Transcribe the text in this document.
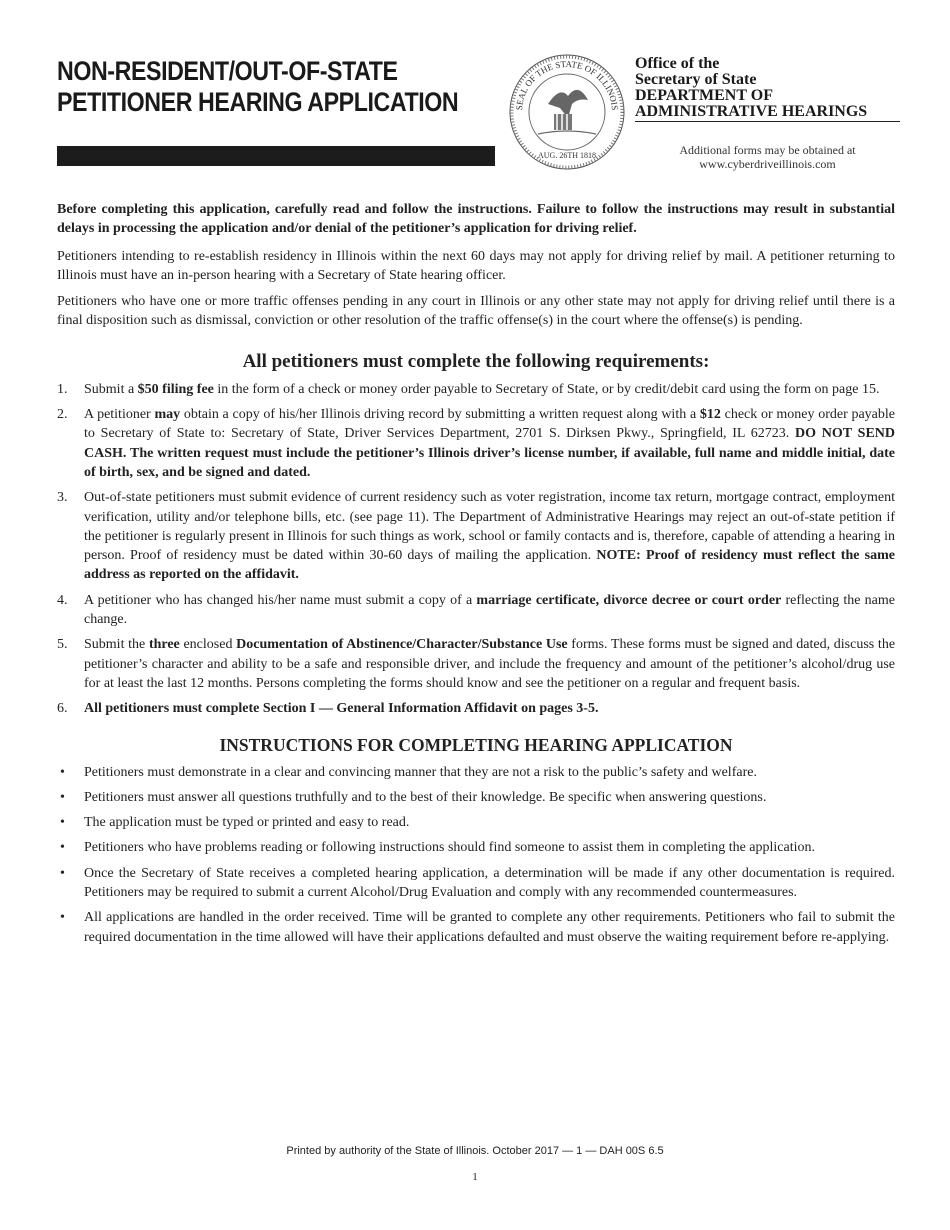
NON-RESIDENT/OUT-OF-STATE
PETITIONER HEARING APPLICATION	SEAL OF THE STATE OF ILLINOIS
AUG. 26TH 1818
Office of the
Secretary of State
DEPARTMENT OF
ADMINISTRATIVE HEARINGS
Additional forms may be obtained at
www.cyberdriveillinois.com

Before completing this application, carefully read and follow the instructions. Failure to follow the instructions may result in substantial delays in processing the application and/or denial of the petitioner’s application for driving relief.

Petitioners intending to re-establish residency in Illinois within the next 60 days may not apply for driving relief by mail. A petitioner returning to Illinois must have an in-person hearing with a Secretary of State hearing officer.

Petitioners who have one or more traffic offenses pending in any court in Illinois or any other state may not apply for driving relief until there is a final disposition such as dismissal, conviction or other resolution of the traffic offense(s) in the court where the offense(s) is pending.

All petitioners must complete the following requirements:
1. Submit a $50 filing fee in the form of a check or money order payable to Secretary of State, or by credit/debit card using the form on page 15.
2. A petitioner may obtain a copy of his/her Illinois driving record by submitting a written request along with a $12 check or money order payable to Secretary of State to: Secretary of State, Driver Services Department, 2701 S. Dirksen Pkwy., Springfield, IL 62723. DO NOT SEND CASH. The written request must include the petitioner’s Illinois driver’s license number, if available, full name and middle initial, date of birth, sex, and be signed and dated.
3. Out-of-state petitioners must submit evidence of current residency such as voter registration, income tax return, mortgage contract, employment verification, utility and/or telephone bills, etc. (see page 11). The Department of Administrative Hearings may reject an out-of-state petition if the petitioner is regularly present in Illinois for such things as work, school or family contacts and is, therefore, capable of attending a hearing in person. Proof of residency must be dated within 30-60 days of mailing the application. NOTE: Proof of residency must reflect the same address as reported on the affidavit.
4. A petitioner who has changed his/her name must submit a copy of a marriage certificate, divorce decree or court order reflecting the name change.
5. Submit the three enclosed Documentation of Abstinence/Character/Substance Use forms. These forms must be signed and dated, discuss the petitioner’s character and ability to be a safe and responsible driver, and include the frequency and amount of the petitioner’s alcohol/drug use for at least the last 12 months. Persons completing the forms should know and see the petitioner on a regular and frequent basis.
6. All petitioners must complete Section I — General Information Affidavit on pages 3-5.
INSTRUCTIONS FOR COMPLETING HEARING APPLICATION
• Petitioners must demonstrate in a clear and convincing manner that they are not a risk to the public’s safety and welfare.
• Petitioners must answer all questions truthfully and to the best of their knowledge. Be specific when answering questions.
• The application must be typed or printed and easy to read.
• Petitioners who have problems reading or following instructions should find someone to assist them in completing the application.
• Once the Secretary of State receives a completed hearing application, a determination will be made if any other documentation is required. Petitioners may be required to submit a current Alcohol/Drug Evaluation and comply with any recommended countermeasures.
• All applications are handled in the order received. Time will be granted to complete any other requirements. Petitioners who fail to submit the required documentation in the time allowed will have their applications defaulted and must observe the waiting requirement before re-applying.
Printed by authority of the State of Illinois. October 2017 — 1 — DAH 00S 6.5
1
